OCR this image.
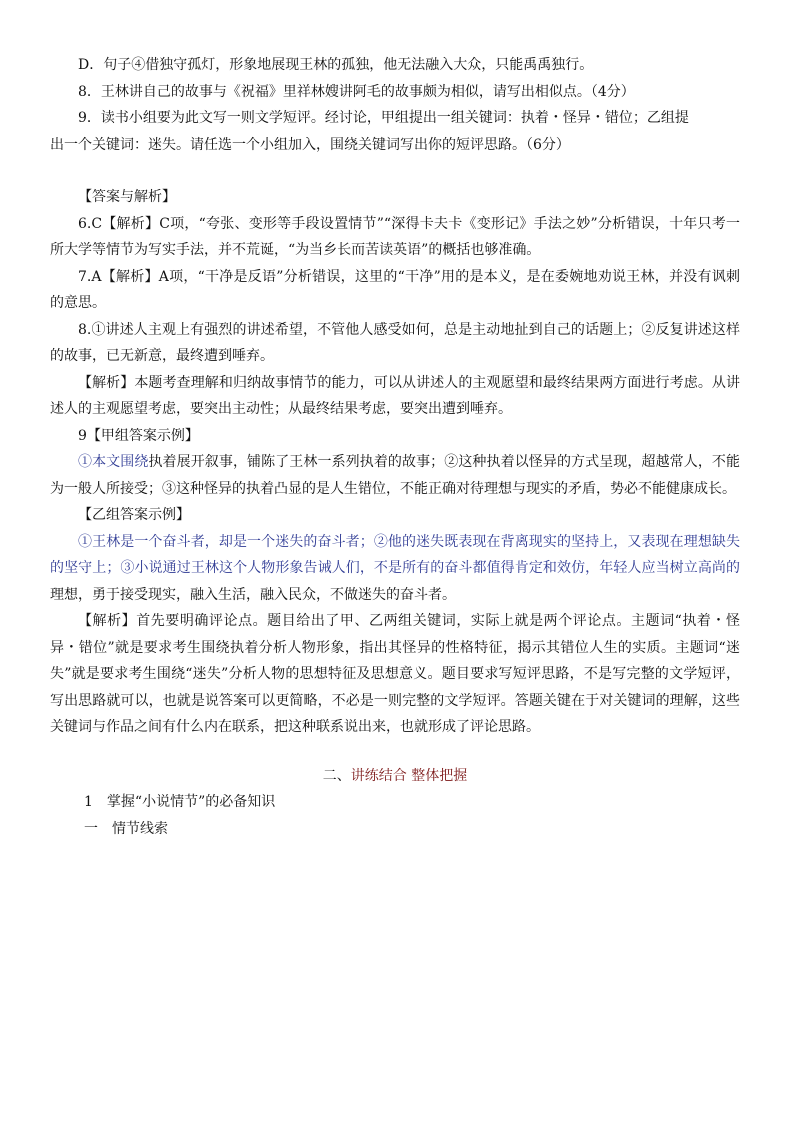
D．句子④借独守孤灯，形象地展现王林的孤独，他无法融入大众，只能禹禹独行。

8．王林讲自己的故事与《祝福》里祥林嫂讲阿毛的故事颇为相似，请写出相似点。（4分）

9．读书小组要为此文写一则文学短评。经讨论，甲组提出一组关键词：执着・怪异・错位；乙组提

出一个关键词：迷失。请任选一个小组加入，围绕关键词写出你的短评思路。（6分）

【答案与解析】

6.C【解析】C项，“夸张、变形等手段设置情节”“深得卡夫卡《变形记》手法之妙”分析错误，十年只考一所大学等情节为写实手法，并不荒诞，“为当乡长而苦读英语”的概括也够准确。

7.A【解析】A项，“干净是反语”分析错误，这里的“干净”用的是本义，是在委婉地劝说王林，并没有讽刺的意思。

8.①讲述人主观上有强烈的讲述希望，不管他人感受如何，总是主动地扯到自己的话题上；②反复讲述这样的故事，已无新意，最终遭到唾弃。

【解析】本题考查理解和归纳故事情节的能力，可以从讲述人的主观愿望和最终结果两方面进行考虑。从讲述人的主观愿望考虑，要突出主动性；从最终结果考虑，要突出遭到唾弃。

9【甲组答案示例】

①本文围绕执着展开叙事，铺陈了王林一系列执着的故事；②这种执着以怪异的方式呈现，超越常人，不能为一般人所接受；③这种怪异的执着凸显的是人生错位，不能正确对待理想与现实的矛盾，势必不能健康成长。

【乙组答案示例】

①王林是一个奋斗者，却是一个迷失的奋斗者；②他的迷失既表现在背离现实的坚持上，又表现在理想缺失的坚守上；③小说通过王林这个人物形象告诫人们，不是所有的奋斗都值得肯定和效仿，年轻人应当树立高尚的理想，勇于接受现实，融入生活，融入民众，不做迷失的奋斗者。

【解析】首先要明确评论点。题目给出了甲、乙两组关键词，实际上就是两个评论点。主题词“执着・怪异・错位”就是要求考生围绕执着分析人物形象，指出其怪异的性格特征，揭示其错位人生的实质。主题词“迷失”就是要求考生围绕“迷失”分析人物的思想特征及思想意义。题目要求写短评思路，不是写完整的文学短评，写出思路就可以，也就是说答案可以更简略，不必是一则完整的文学短评。答题关键在于对关键词的理解，这些关键词与作品之间有什么内在联系，把这种联系说出来，也就形成了评论思路。

二、讲练结合 整体把握

1　掌握“小说情节”的必备知识

一　情节线索
